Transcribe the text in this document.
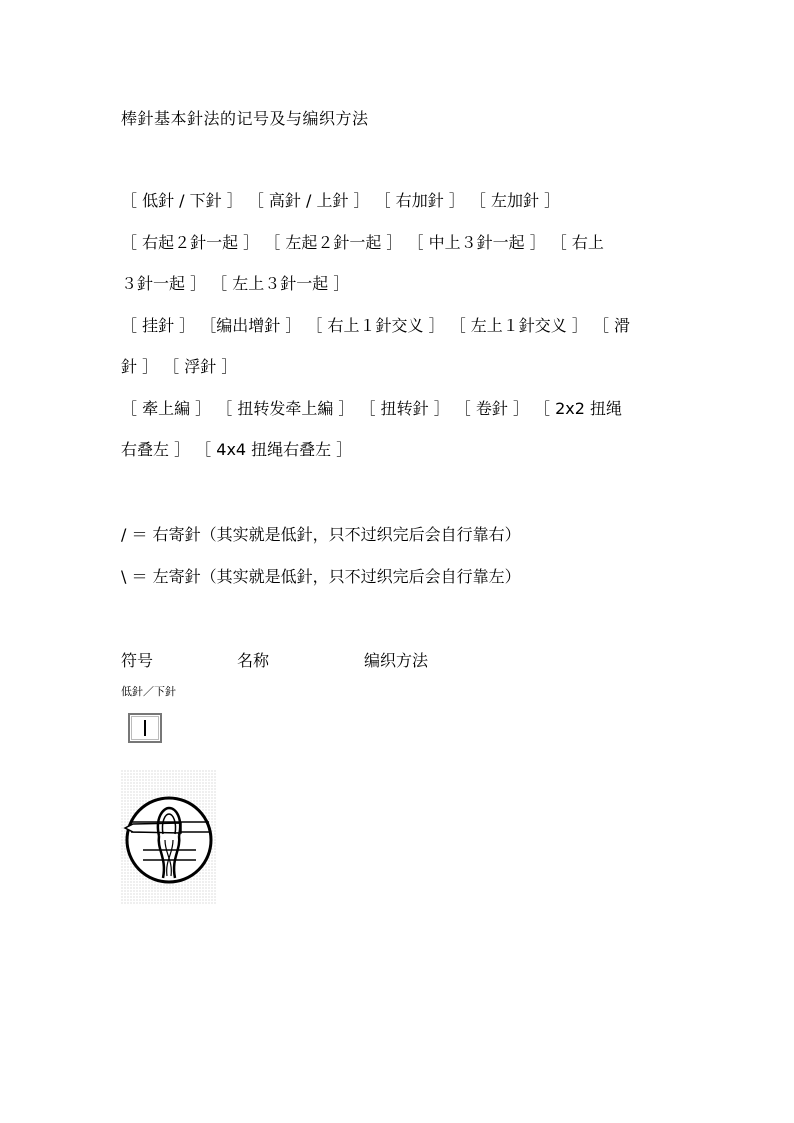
棒針基本針法的记号及与编织方法
［ 低針 / 下針 ］ ［ 高針 / 上針 ］ ［ 右加針 ］ ［ 左加針 ］
［ 右起２針一起 ］ ［ 左起２針一起 ］ ［ 中上３針一起 ］ ［ 右上
３針一起 ］ ［ 左上３針一起 ］
［ 挂針 ］ ［编出增針 ］ ［ 右上１針交义 ］ ［ 左上１針交义 ］ ［ 滑
針 ］ ［ 浮針 ］
［ 牽上編 ］ ［ 扭转发牵上編 ］ ［ 扭转針 ］ ［ 卷針 ］ ［ 2x2 扭绳
右叠左 ］ ［ 4x4 扭绳右叠左 ］
/ ＝ 右寄針（其实就是低針，只不过织完后会自行靠右）
\ ＝ 左寄針（其实就是低針，只不过织完后会自行靠左）
符号	名称	编织方法
低針／下針
